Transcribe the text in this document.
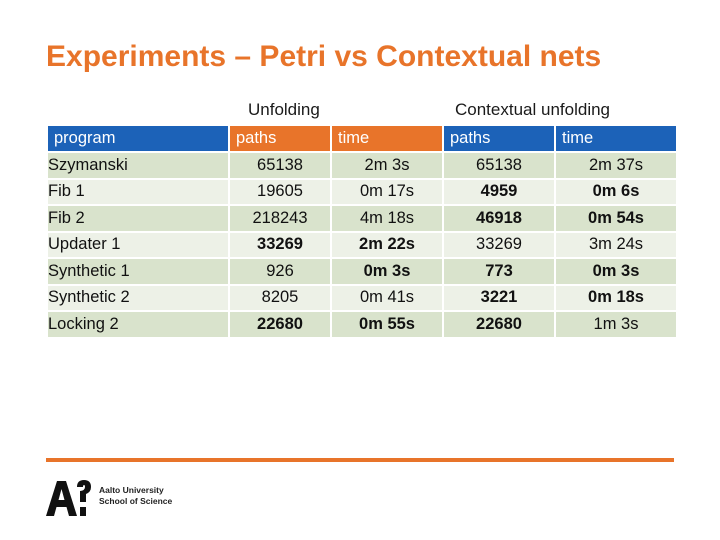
Experiments – Petri vs Contextual nets
Unfolding	Contextual unfolding
program	paths	time	paths	time
Szymanski	65138	2m 3s	65138	2m 37s
Fib 1	19605	0m 17s	4959	0m 6s
Fib 2	218243	4m 18s	46918	0m 54s
Updater 1	33269	2m 22s	33269	3m 24s
Synthetic 1	926	0m 3s	773	0m 3s
Synthetic 2	8205	0m 41s	3221	0m 18s
Locking 2	22680	0m 55s	22680	1m 3s
Aalto University
School of Science
